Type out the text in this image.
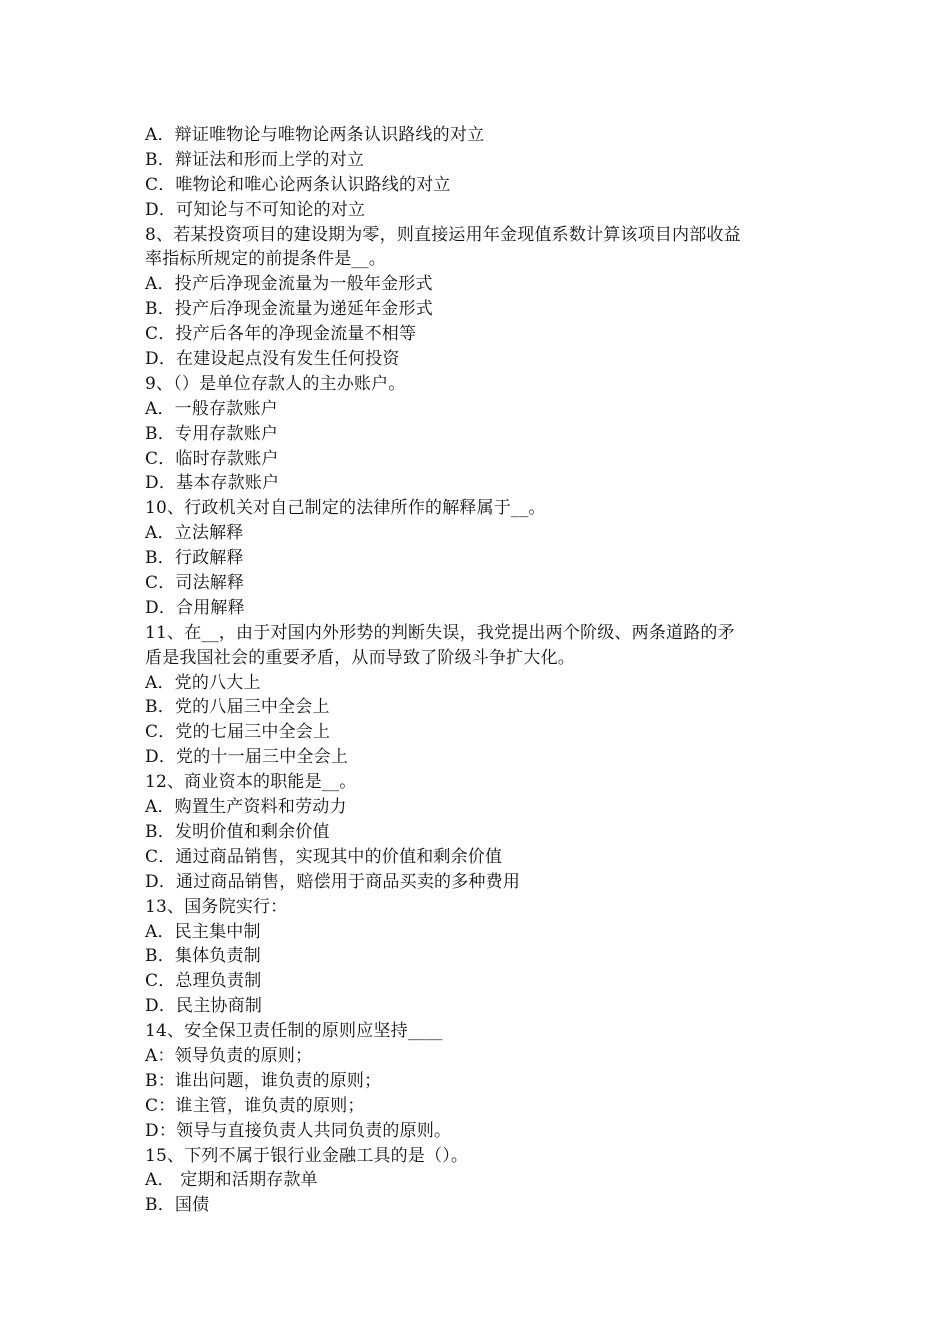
A．辩证唯物论与唯物论两条认识路线的对立
B．辩证法和形而上学的对立
C．唯物论和唯心论两条认识路线的对立
D．可知论与不可知论的对立
8、若某投资项目的建设期为零，则直接运用年金现值系数计算该项目内部收益
率指标所规定的前提条件是__。
A．投产后净现金流量为一般年金形式
B．投产后净现金流量为递延年金形式
C．投产后各年的净现金流量不相等
D．在建设起点没有发生任何投资
9、（）是单位存款人的主办账户。
A．一般存款账户
B．专用存款账户
C．临时存款账户
D．基本存款账户
10、行政机关对自己制定的法律所作的解释属于__。
A．立法解释
B．行政解释
C．司法解释
D．合用解释
11、在__，由于对国内外形势的判断失误，我党提出两个阶级、两条道路的矛
盾是我国社会的重要矛盾，从而导致了阶级斗争扩大化。
A．党的八大上
B．党的八届三中全会上
C．党的七届三中全会上
D．党的十一届三中全会上
12、商业资本的职能是__。
A．购置生产资料和劳动力
B．发明价值和剩余价值
C．通过商品销售，实现其中的价值和剩余价值
D．通过商品销售，赔偿用于商品买卖的多种费用
13、国务院实行：
A．民主集中制
B．集体负责制
C．总理负责制
D．民主协商制
14、安全保卫责任制的原则应坚持____
A：领导负责的原则；
B：谁出问题，谁负责的原则；
C：谁主管，谁负责的原则；
D：领导与直接负责人共同负责的原则。
15、下列不属于银行业金融工具的是（）。
A． 定期和活期存款单
B．国债
